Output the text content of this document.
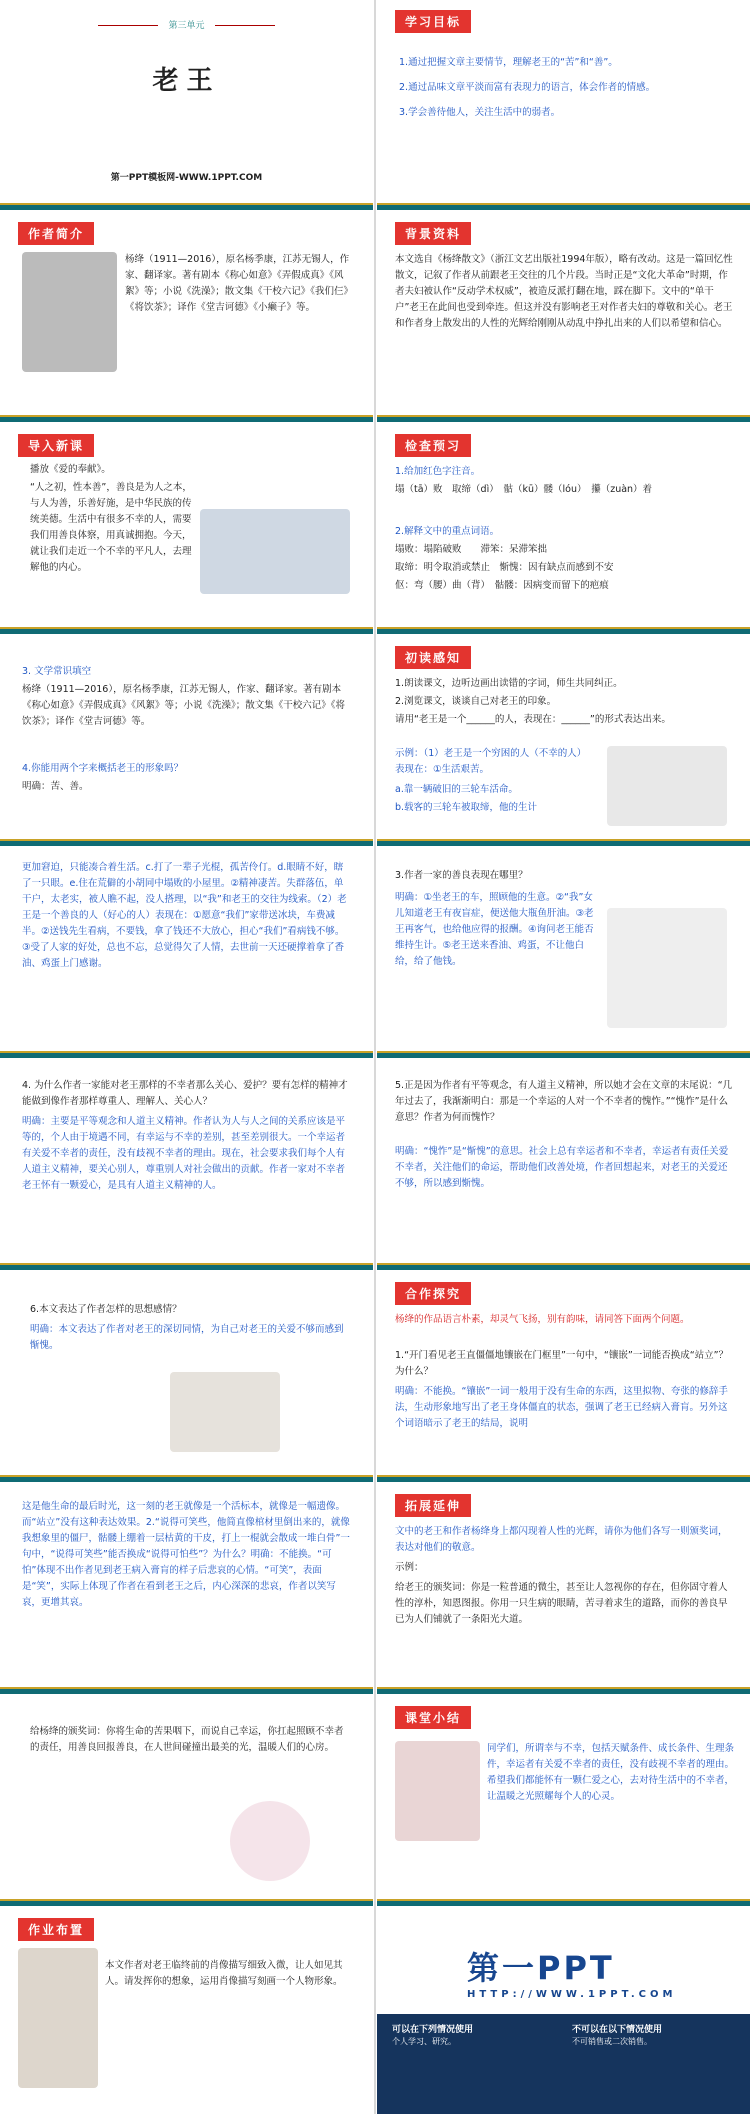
第三单元
老王
第一PPT模板网-WWW.1PPT.COM
学习目标
1.通过把握文章主要情节，理解老王的“苦”和“善”。
2.通过品味文章平淡而富有表现力的语言，体会作者的情感。
3.学会善待他人，关注生活中的弱者。
作者简介
杨绛（1911—2016），原名杨季康，江苏无锡人，作家、翻译家。著有剧本《称心如意》《弄假成真》《风絮》等；小说《洗澡》；散文集《干校六记》《我们仨》《将饮茶》；译作《堂吉诃德》《小癞子》等。
背景资料
本文选自《杨绛散文》（浙江文艺出版社1994年版），略有改动。这是一篇回忆性散文，记叙了作者从前跟老王交往的几个片段。当时正是“文化大革命”时期，作者夫妇被认作“反动学术权威”，被造反派打翻在地，踩在脚下。文中的“单干户”老王在此间也受到牵连。但这并没有影响老王对作者夫妇的尊敬和关心。老王和作者身上散发出的人性的光辉给刚刚从动乱中挣扎出来的人们以希望和信心。
导入新课
播放《爱的奉献》。
“人之初，性本善”，善良是为人之本，与人为善，乐善好施，是中华民族的传统美德。生活中有很多不幸的人，需要我们用善良体察，用真诚拥抱。今天，就让我们走近一个不幸的平凡人，去理解他的内心。
检查预习
1.给加红色字注音。
塌（tā）败　取缔（dì）　骷（kū）髅（lóu）　攥（zuàn）着
2.解释文中的重点词语。
塌败：塌陷破败　　滞笨：呆滞笨拙
取缔：明令取消或禁止　惭愧：因有缺点而感到不安
伛：弯（腰）曲（背）　骷髅：因病变而留下的疤痕
3. 文学常识填空
杨绛（1911—2016），原名杨季康，江苏无锡人，作家、翻译家。著有剧本《称心如意》《弄假成真》《风絮》等；小说《洗澡》；散文集《干校六记》《将饮茶》；译作《堂吉诃德》等。
4.你能用两个字来概括老王的形象吗？
明确：苦、善。
初读感知
1.朗读课文，边听边画出读错的字词，师生共同纠正。
2.浏览课文，谈谈自己对老王的印象。
请用“老王是一个______的人，表现在：______”的形式表达出来。
示例：（1）老王是一个穷困的人（不幸的人）表现在：①生活艰苦。
a.靠一辆破旧的三轮车活命。
b.载客的三轮车被取缔，他的生计
更加窘迫，只能凑合着生活。c.打了一辈子光棍，孤苦伶仃。d.眼睛不好，瞎了一只眼。e.住在荒僻的小胡同中塌败的小屋里。②精神凄苦。失群落伍，单干户，太老实，被人瞧不起，没人搭理，以“我”和老王的交往为线索。（2）老王是一个善良的人（好心的人）表现在：①愿意“我们”家带送冰块，车费减半。②送钱先生看病，不要钱，拿了钱还不大放心，担心“我们”看病钱不够。③受了人家的好处，总也不忘，总觉得欠了人情，去世前一天还硬撑着拿了香油、鸡蛋上门感谢。
3.作者一家的善良表现在哪里？
明确：①坐老王的车，照顾他的生意。②“我”女儿知道老王有夜盲症，便送他大瓶鱼肝油。③老王再客气，也给他应得的报酬。④询问老王能否维持生计。⑤老王送来香油、鸡蛋，不让他白给，给了他钱。
4. 为什么作者一家能对老王那样的不幸者那么关心、爱护？要有怎样的精神才能做到像作者那样尊重人、理解人、关心人？
明确：主要是平等观念和人道主义精神。作者认为人与人之间的关系应该是平等的，个人由于境遇不同，有幸运与不幸的差别，甚至差别很大。一个幸运者有关爱不幸者的责任，没有歧视不幸者的理由。现在，社会要求我们每个人有人道主义精神，要关心别人，尊重别人对社会做出的贡献。作者一家对不幸者老王怀有一颗爱心，是具有人道主义精神的人。
5.正是因为作者有平等观念，有人道主义精神，所以她才会在文章的末尾说：“几年过去了，我渐渐明白：那是一个幸运的人对一个不幸者的愧怍。”“愧怍”是什么意思？作者为何而愧怍？
明确：“愧怍”是“惭愧”的意思。社会上总有幸运者和不幸者，幸运者有责任关爱不幸者，关注他们的命运，帮助他们改善处境，作者回想起来，对老王的关爱还不够，所以感到惭愧。
6.本文表达了作者怎样的思想感情？
明确：本文表达了作者对老王的深切同情，为自己对老王的关爱不够而感到惭愧。
合作探究
杨绛的作品语言朴素，却灵气飞扬，别有韵味，请同答下面两个问题。
1.“开门看见老王直僵僵地镶嵌在门框里”一句中，“镶嵌”一词能否换成“站立”？为什么？
明确：不能换。“镶嵌”一词一般用于没有生命的东西，这里拟物、夸张的修辞手法，生动形象地写出了老王身体僵直的状态，强调了老王已经病入膏肓。另外这个词语暗示了老王的结局，说明
这是他生命的最后时光，这一刻的老王就像是一个活标本，就像是一幅遗像。而“站立”没有这种表达效果。2.“说得可笑些，他简直像棺材里倒出来的，就像我想象里的僵尸，骷髅上绷着一层枯黄的干皮，打上一棍就会散成一堆白骨”一句中，“说得可笑些”能否换成“说得可怕些”？为什么？明确：不能换。“可怕”体现不出作者见到老王病入膏肓的样子后悲哀的心情。“可笑”，表面是“笑”，实际上体现了作者在看到老王之后，内心深深的悲哀，作者以笑写哀，更增其哀。
拓展延伸
文中的老王和作者杨绛身上都闪现着人性的光辉，请你为他们各写一则颁奖词，表达对他们的敬意。
示例：
给老王的颁奖词：你是一粒普通的微尘，甚至让人忽视你的存在，但你固守着人性的淳朴，知恩图报。你用一只生病的眼睛，苦寻着求生的道路，而你的善良早已为人们铺就了一条阳光大道。
给杨绛的颁奖词：你将生命的苦果咽下，而说自己幸运，你扛起照顾不幸者的责任，用善良回报善良，在人世间碰撞出最美的光，温暖人们的心房。
课堂小结
同学们，所谓幸与不幸，包括天赋条件、成长条件、生理条件，幸运者有关爱不幸者的责任，没有歧视不幸者的理由。希望我们都能怀有一颗仁爱之心，去对待生活中的不幸者，让温暖之光照耀每个人的心灵。
作业布置
本文作者对老王临终前的肖像描写细致入微，让人如见其人。请发挥你的想象，运用肖像描写刻画一个人物形象。	第一PPT
HTTP://WWW.1PPT.COM
可以在下列情况使用
个人学习、研究。
不可以在以下情况使用
不可销售或二次销售。
